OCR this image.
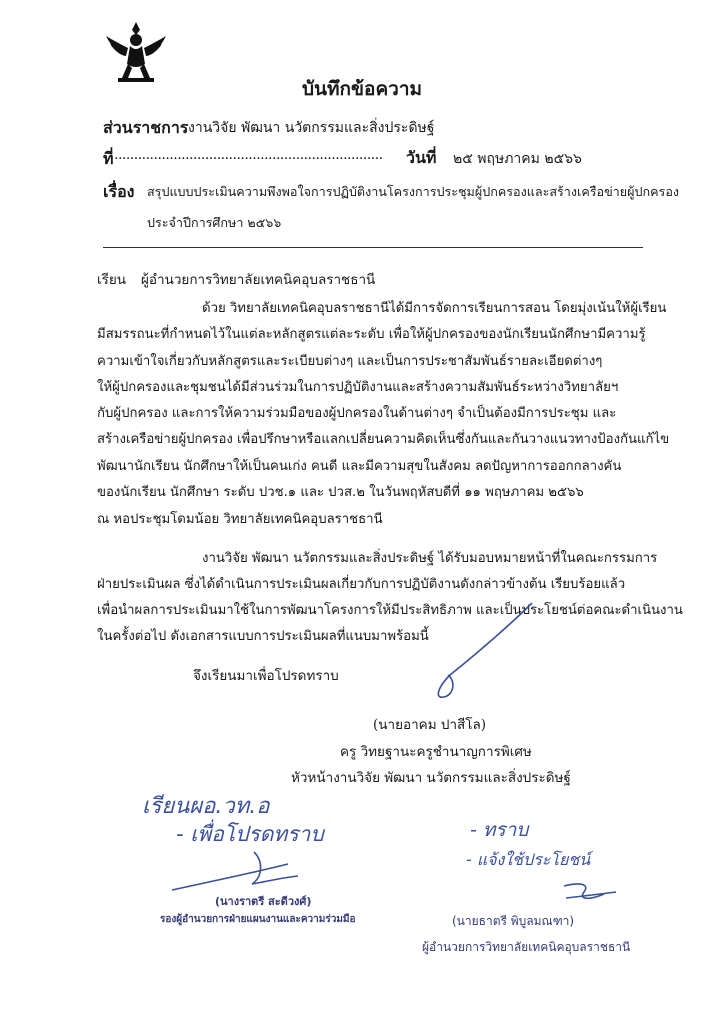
บันทึกข้อความ
ส่วนราชการ งานวิจัย พัฒนา นวัตกรรมและสิ่งประดิษฐ์
ที่ .................................................................... วันที่ ๒๕ พฤษภาคม ๒๕๖๖
เรื่อง สรุปแบบประเมินความพึงพอใจการปฏิบัติงานโครงการประชุมผู้ปกครองและสร้างเครือข่ายผู้ปกครอง
ประจำปีการศึกษา ๒๕๖๖
เรียน ผู้อำนวยการวิทยาลัยเทคนิคอุบลราชธานี
ด้วย วิทยาลัยเทคนิคอุบลราชธานีได้มีการจัดการเรียนการสอน โดยมุ่งเน้นให้ผู้เรียน
มีสมรรถนะที่กำหนดไว้ในแต่ละหลักสูตรแต่ละระดับ เพื่อให้ผู้ปกครองของนักเรียนนักศึกษามีความรู้
ความเข้าใจเกี่ยวกับหลักสูตรและระเบียบต่างๆ และเป็นการประชาสัมพันธ์รายละเอียดต่างๆ
ให้ผู้ปกครองและชุมชนได้มีส่วนร่วมในการปฏิบัติงานและสร้างความสัมพันธ์ระหว่างวิทยาลัยฯ
กับผู้ปกครอง และการให้ความร่วมมือของผู้ปกครองในด้านต่างๆ จำเป็นต้องมีการประชุม และ
สร้างเครือข่ายผู้ปกครอง เพื่อปรึกษาหรือแลกเปลี่ยนความคิดเห็นซึ่งกันและกันวางแนวทางป้องกันแก้ไข
พัฒนานักเรียน นักศึกษาให้เป็นคนเก่ง คนดี และมีความสุขในสังคม ลดปัญหาการออกกลางคัน
ของนักเรียน นักศึกษา ระดับ ปวช.๑ และ ปวส.๒ ในวันพฤหัสบดีที่ ๑๑ พฤษภาคม ๒๕๖๖
ณ หอประชุมโดมน้อย วิทยาลัยเทคนิคอุบลราชธานี
งานวิจัย พัฒนา นวัตกรรมและสิ่งประดิษฐ์ ได้รับมอบหมายหน้าที่ในคณะกรรมการ
ฝ่ายประเมินผล ซึ่งได้ดำเนินการประเมินผลเกี่ยวกับการปฏิบัติงานดังกล่าวข้างต้น เรียบร้อยแล้ว
เพื่อนำผลการประเมินมาใช้ในการพัฒนาโครงการให้มีประสิทธิภาพ และเป็นประโยชน์ต่อคณะดำเนินงาน
ในครั้งต่อไป ดังเอกสารแบบการประเมินผลที่แนบมาพร้อมนี้
จึงเรียนมาเพื่อโปรดทราบ
(นายอาคม ปาสีโล)
ครู วิทยฐานะครูชำนาญการพิเศษ
หัวหน้างานวิจัย พัฒนา นวัตกรรมและสิ่งประดิษฐ์
เรียนผอ.วท.อ
- เพื่อโปรดทราบ
(นางราตรี สะดีวงศ์)
รองผู้อำนวยการฝ่ายแผนงานและความร่วมมือ
- ทราบ
- แจ้งใช้ประโยชน์
(นายธาตรี พิบูลมณฑา)
ผู้อำนวยการวิทยาลัยเทคนิคอุบลราชธานี
